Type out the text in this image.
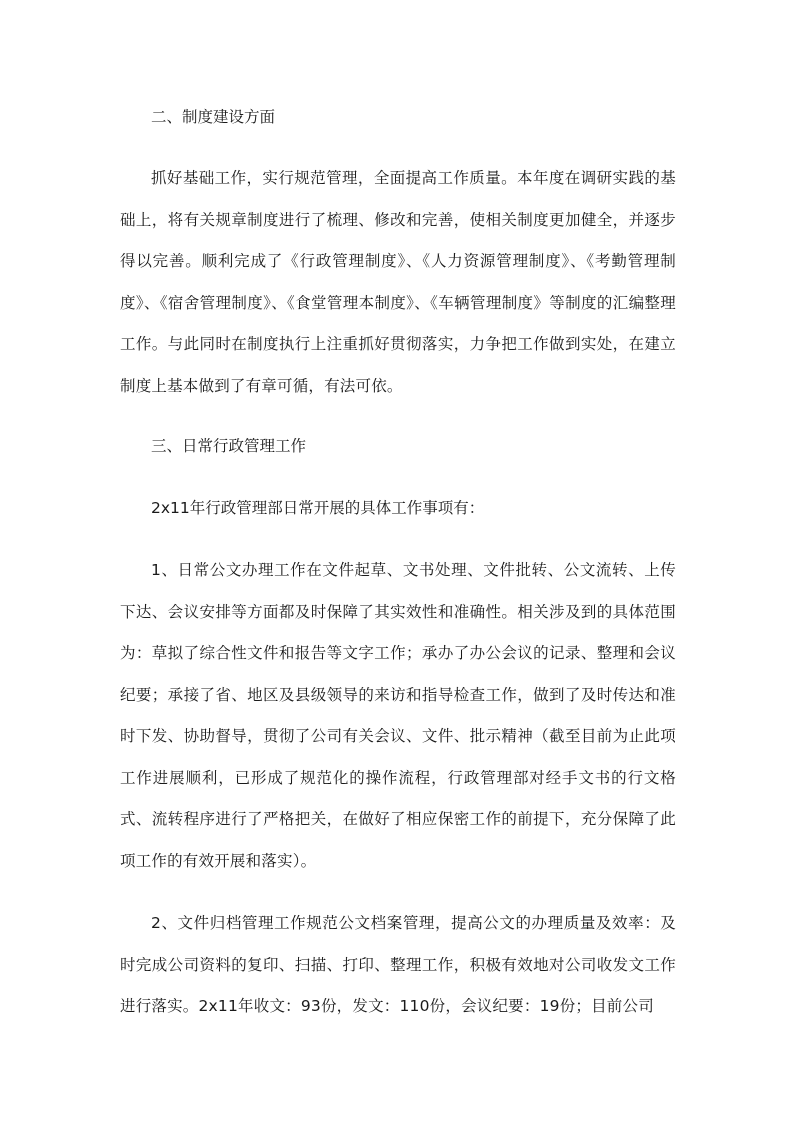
二、制度建设方面

抓好基础工作，实行规范管理，全面提高工作质量。本年度在调研实践的基础上，将有关规章制度进行了梳理、修改和完善，使相关制度更加健全，并逐步得以完善。顺利完成了《行政管理制度》、《人力资源管理制度》、《考勤管理制度》、《宿舍管理制度》、《食堂管理本制度》、《车辆管理制度》等制度的汇编整理工作。与此同时在制度执行上注重抓好贯彻落实，力争把工作做到实处，在建立制度上基本做到了有章可循，有法可依。

三、日常行政管理工作

2x11年行政管理部日常开展的具体工作事项有：

1、日常公文办理工作在文件起草、文书处理、文件批转、公文流转、上传下达、会议安排等方面都及时保障了其实效性和准确性。相关涉及到的具体范围为：草拟了综合性文件和报告等文字工作；承办了办公会议的记录、整理和会议纪要；承接了省、地区及县级领导的来访和指导检查工作，做到了及时传达和准时下发、协助督导，贯彻了公司有关会议、文件、批示精神（截至目前为止此项工作进展顺利，已形成了规范化的操作流程，行政管理部对经手文书的行文格式、流转程序进行了严格把关，在做好了相应保密工作的前提下，充分保障了此项工作的有效开展和落实）。

2、文件归档管理工作规范公文档案管理，提高公文的办理质量及效率：及时完成公司资料的复印、扫描、打印、整理工作，积极有效地对公司收发文工作进行落实。2x11年收文：93份，发文：110份，会议纪要：19份；目前公司
